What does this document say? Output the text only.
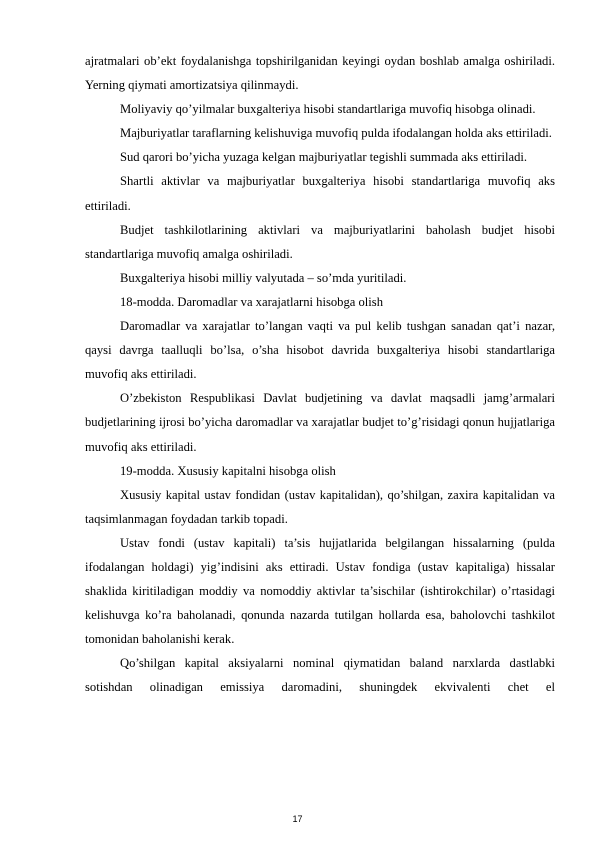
ajratmalari ob’ekt foydalanishga topshirilganidan keyingi oydan boshlab amalga oshiriladi. Yerning qiymati amortizatsiya qilinmaydi.

Moliyaviy qo’yilmalar buxgalteriya hisobi standartlariga muvofiq hisobga olinadi.

Majburiyatlar taraflarning kelishuviga muvofiq pulda ifodalangan holda aks ettiriladi.

Sud qarori bo’yicha yuzaga kelgan majburiyatlar tegishli summada aks ettiriladi.

Shartli aktivlar va majburiyatlar buxgalteriya hisobi standartlariga muvofiq aks ettiriladi.

Budjet tashkilotlarining aktivlari va majburiyatlarini baholash budjet hisobi standartlariga muvofiq amalga oshiriladi.

Buxgalteriya hisobi milliy valyutada – so’mda yuritiladi.

18-modda. Daromadlar va xarajatlarni hisobga olish

Daromadlar va xarajatlar to’langan vaqti va pul kelib tushgan sanadan qat’i nazar, qaysi davrga taalluqli bo’lsa, o’sha hisobot davrida buxgalteriya hisobi standartlariga muvofiq aks ettiriladi.

O’zbekiston Respublikasi Davlat budjetining va davlat maqsadli jamg’armalari budjetlarining ijrosi bo’yicha daromadlar va xarajatlar budjet to’g’risidagi qonun hujjatlariga muvofiq aks ettiriladi.

19-modda. Xususiy kapitalni hisobga olish

Xususiy kapital ustav fondidan (ustav kapitalidan), qo’shilgan, zaxira kapitalidan va taqsimlanmagan foydadan tarkib topadi.

Ustav fondi (ustav kapitali) ta’sis hujjatlarida belgilangan hissalarning (pulda ifodalangan holdagi) yig’indisini aks ettiradi. Ustav fondiga (ustav kapitaliga) hissalar shaklida kiritiladigan moddiy va nomoddiy aktivlar ta’sischilar (ishtirokchilar) o’rtasidagi kelishuvga ko’ra baholanadi, qonunda nazarda tutilgan hollarda esa, baholovchi tashkilot tomonidan baholanishi kerak.

Qo’shilgan kapital aksiyalarni nominal qiymatidan baland narxlarda dastlabki sotishdan olinadigan emissiya daromadini, shuningdek ekvivalenti chet el

17
